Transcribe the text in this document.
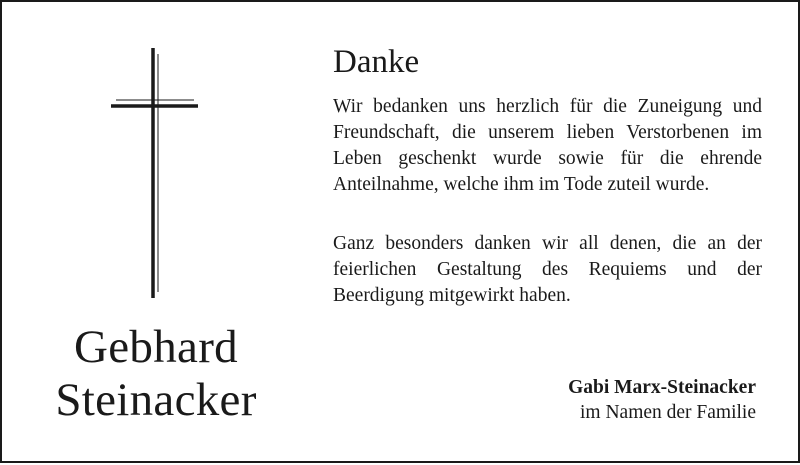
Gebhard
Steinacker
Danke
Wir bedanken uns herzlich für die Zuneigung und Freundschaft, die unserem lieben Verstorbenen im Leben geschenkt wurde sowie für die ehrende Anteilnahme, welche ihm im Tode zuteil wurde.
Ganz besonders danken wir all denen, die an der feierlichen Gestaltung des Requiems und der Beerdigung mitgewirkt haben.
Gabi Marx-Steinacker
im Namen der Familie
